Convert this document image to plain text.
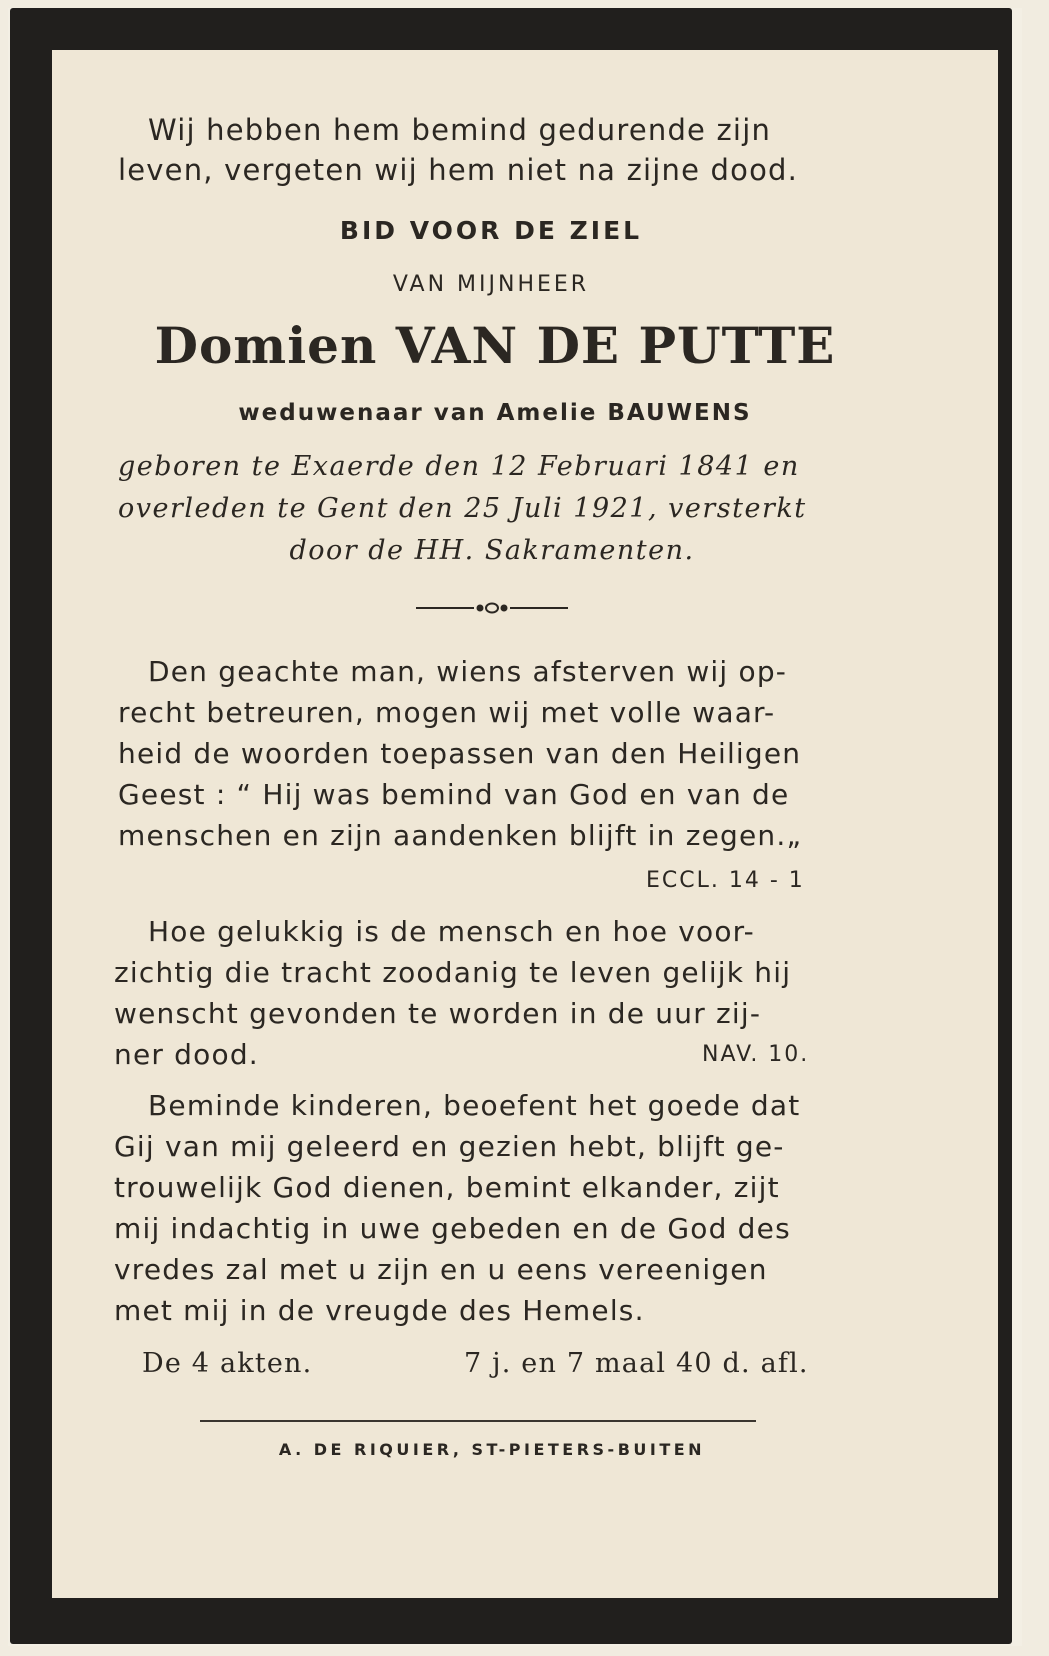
Wij hebben hem bemind gedurende zijn

leven, vergeten wij hem niet na zijne dood.

BID VOOR DE ZIEL

VAN MIJNHEER

Domien VAN DE PUTTE

weduwenaar van Amelie BAUWENS

geboren te Exaerde den 12 Februari 1841 en

overleden te Gent den 25 Juli 1921, versterkt

door de HH. Sakramenten.

Den geachte man, wiens afsterven wij op-

recht betreuren, mogen wij met volle waar-

heid de woorden toepassen van den Heiligen

Geest : “ Hij was bemind van God en van de

menschen en zijn aandenken blijft in zegen.„

ECCL. 14 - 1

Hoe gelukkig is de mensch en hoe voor-

zichtig die tracht zoodanig te leven gelijk hij

wenscht gevonden te worden in de uur zij-

ner dood.	NAV. 10.

Beminde kinderen, beoefent het goede dat

Gij van mij geleerd en gezien hebt, blijft ge-

trouwelijk God dienen, bemint elkander, zijt

mij indachtig in uwe gebeden en de God des

vredes zal met u zijn en u eens vereenigen

met mij in de vreugde des Hemels.

De 4 akten.	7 j. en 7 maal 40 d. afl.

A. DE RIQUIER, ST-PIETERS-BUITEN
